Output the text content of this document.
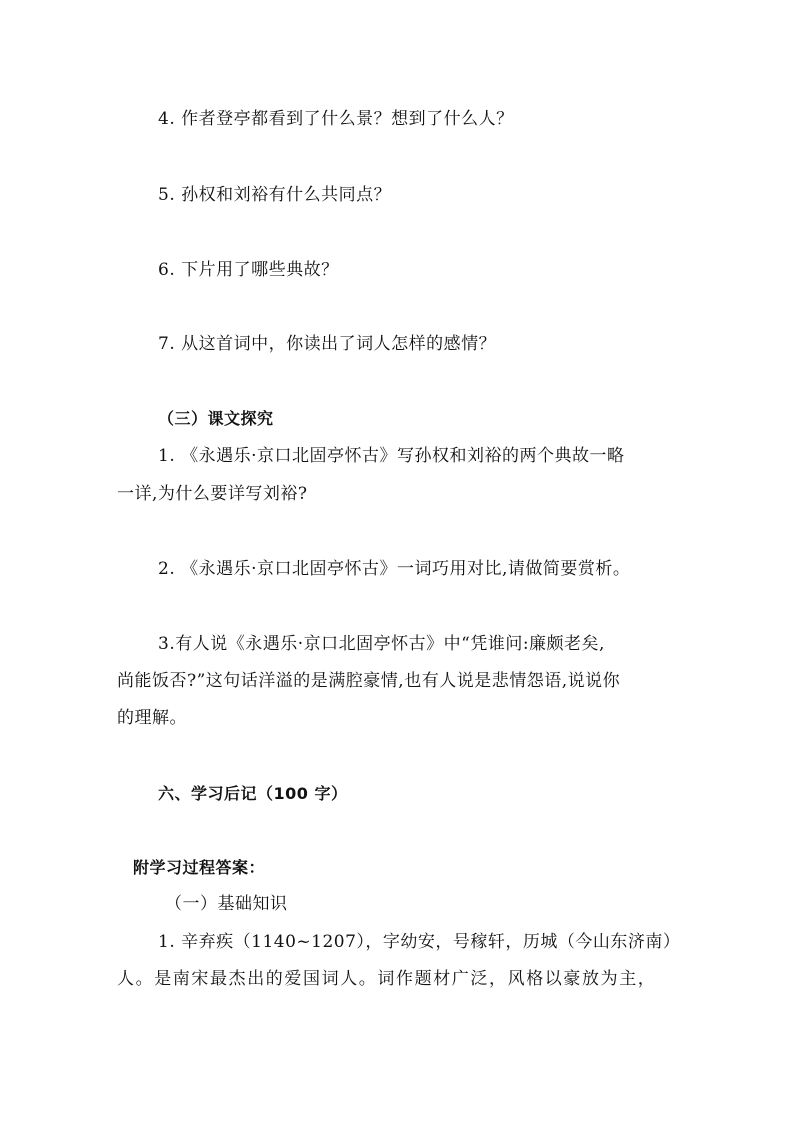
4. 作者登亭都看到了什么景？想到了什么人？
5. 孙权和刘裕有什么共同点？
6. 下片用了哪些典故？
7. 从这首词中，你读出了词人怎样的感情？
（三）课文探究
1. 《永遇乐·京口北固亭怀古》写孙权和刘裕的两个典故一略
一详,为什么要详写刘裕?
2. 《永遇乐·京口北固亭怀古》一词巧用对比,请做简要赏析。
3.有人说《永遇乐·京口北固亭怀古》中“凭谁问:廉颇老矣,
尚能饭否?”这句话洋溢的是满腔豪情,也有人说是悲情怨语,说说你
的理解。
六、学习后记（100 字）
附学习过程答案：
（一）基础知识
1. 辛弃疾（1140~1207），字幼安，号稼轩，历城（今山东济南）
人。是南宋最杰出的爱国词人。词作题材广泛，风格以豪放为主，
